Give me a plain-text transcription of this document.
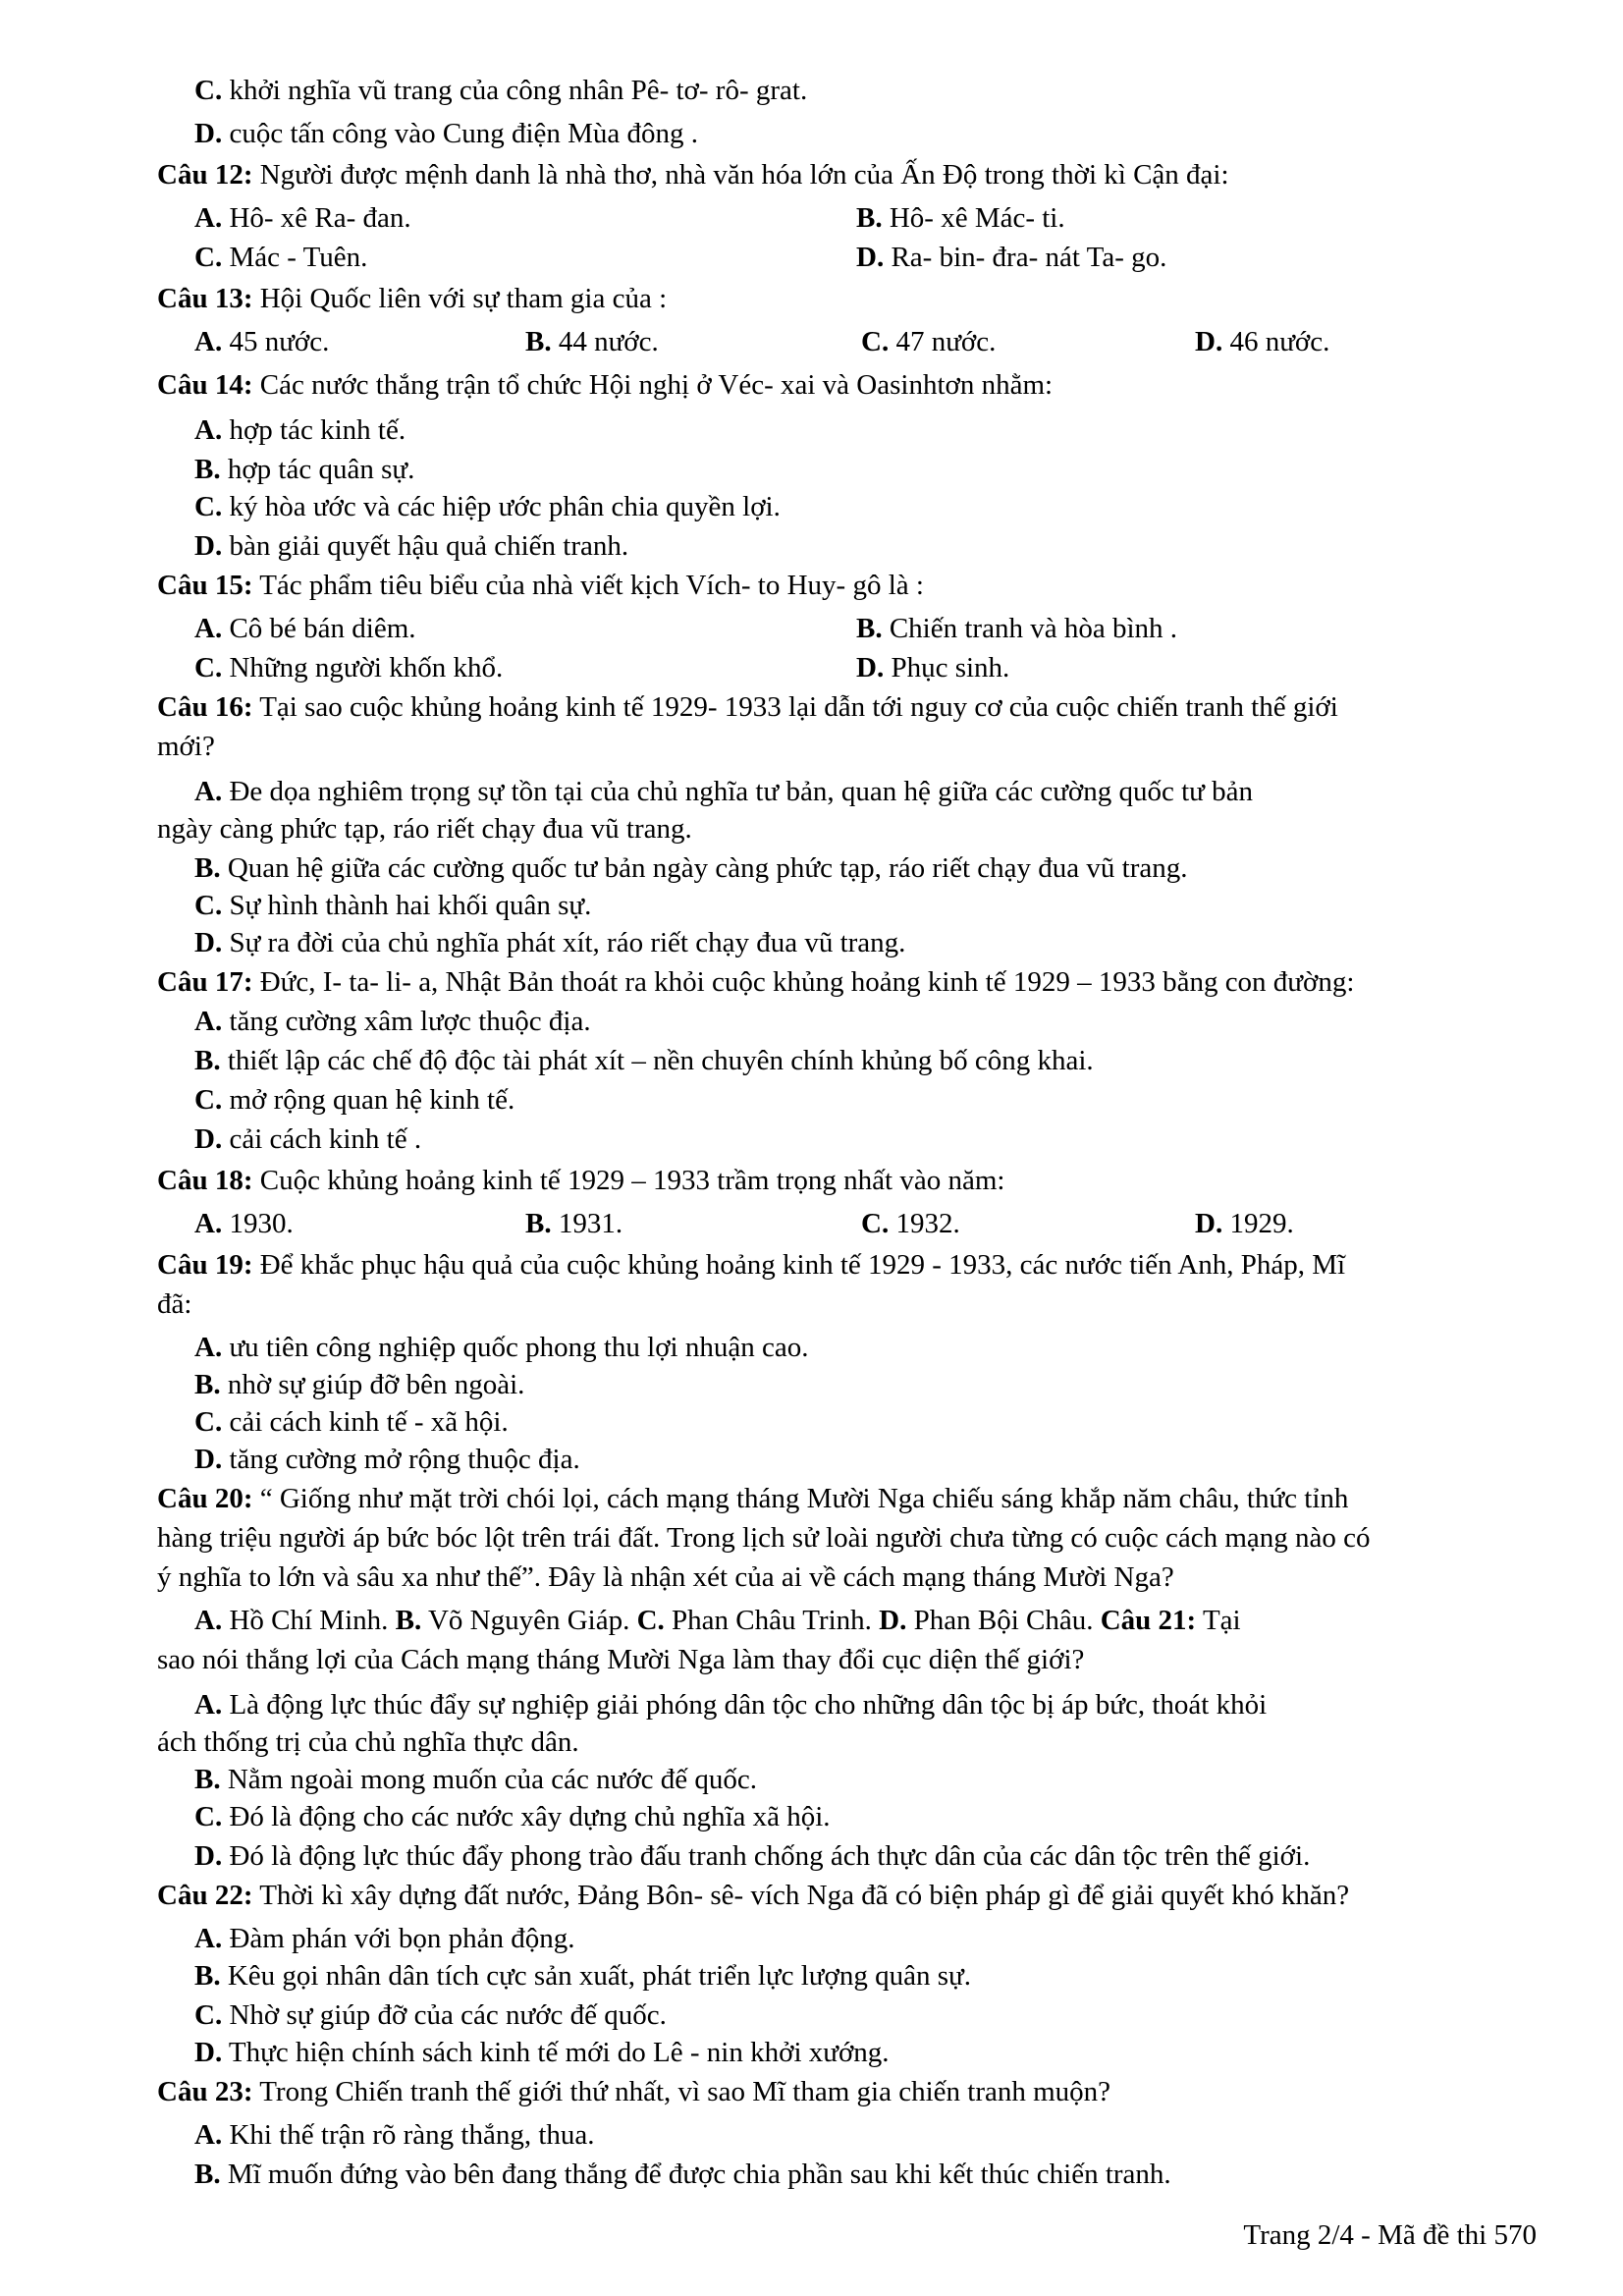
C. khởi nghĩa vũ trang của công nhân Pê- tơ- rô- grat.
D. cuộc tấn công vào Cung điện Mùa đông .
Câu 12: Người được mệnh danh là nhà thơ, nhà văn hóa lớn của Ấn Độ trong thời kì Cận đại:
A. Hô- xê Ra- đan.	B. Hô- xê Mác- ti.
C. Mác - Tuên.	D. Ra- bin- đra- nát Ta- go.
Câu 13: Hội Quốc liên với sự tham gia của :
A. 45 nước.	B. 44 nước.	C. 47 nước.	D. 46 nước.
Câu 14: Các nước thắng trận tổ chức Hội nghị ở Véc- xai và Oasinhtơn nhằm:
A. hợp tác kinh tế.
B. hợp tác quân sự.
C. ký hòa ước và các hiệp ước phân chia quyền lợi.
D. bàn giải quyết hậu quả chiến tranh.
Câu 15: Tác phẩm tiêu biểu của nhà viết kịch Vích- to Huy- gô là :
A. Cô bé bán diêm.	B. Chiến tranh và hòa bình .
C. Những người khốn khổ.	D. Phục sinh.
Câu 16: Tại sao cuộc khủng hoảng kinh tế 1929- 1933 lại dẫn tới nguy cơ của cuộc chiến tranh thế giới
mới?
A. Đe dọa nghiêm trọng sự tồn tại của chủ nghĩa tư bản, quan hệ giữa các cường quốc tư bản
ngày càng phức tạp, ráo riết chạy đua vũ trang.
B. Quan hệ giữa các cường quốc tư bản ngày càng phức tạp, ráo riết chạy đua vũ trang.
C. Sự hình thành hai khối quân sự.
D. Sự ra đời của chủ nghĩa phát xít, ráo riết chạy đua vũ trang.
Câu 17: Đức, I- ta- li- a, Nhật Bản thoát ra khỏi cuộc khủng hoảng kinh tế 1929 – 1933 bằng con đường:
A. tăng cường xâm lược thuộc địa.
B. thiết lập các chế độ độc tài phát xít – nền chuyên chính khủng bố công khai.
C. mở rộng quan hệ kinh tế.
D. cải cách kinh tế .
Câu 18: Cuộc khủng hoảng kinh tế 1929 – 1933 trầm trọng nhất vào năm:
A. 1930.	B. 1931.	C. 1932.	D. 1929.
Câu 19: Để khắc phục hậu quả của cuộc khủng hoảng kinh tế 1929 - 1933, các nước tiến Anh, Pháp, Mĩ
đã:
A. ưu tiên công nghiệp quốc phong thu lợi nhuận cao.
B. nhờ sự giúp đỡ bên ngoài.
C. cải cách kinh tế - xã hội.
D. tăng cường mở rộng thuộc địa.
Câu 20: “ Giống như mặt trời chói lọi, cách mạng tháng Mười Nga chiếu sáng khắp năm châu, thức tỉnh
hàng triệu người áp bức bóc lột trên trái đất. Trong lịch sử loài người chưa từng có cuộc cách mạng nào có
ý nghĩa to lớn và sâu xa như thế”. Đây là nhận xét của ai về cách mạng tháng Mười Nga?
A. Hồ Chí Minh. B. Võ Nguyên Giáp. C. Phan Châu Trinh. D. Phan Bội Châu. Câu 21: Tại
sao nói thắng lợi của Cách mạng tháng Mười Nga làm thay đổi cục diện thế giới?
A. Là động lực thúc đẩy sự nghiệp giải phóng dân tộc cho những dân tộc bị áp bức, thoát khỏi
ách thống trị của chủ nghĩa thực dân.
B. Nằm ngoài mong muốn của các nước đế quốc.
C. Đó là động cho các nước xây dựng chủ nghĩa xã hội.
D. Đó là động lực thúc đẩy phong trào đấu tranh chống ách thực dân của các dân tộc trên thế giới.
Câu 22: Thời kì xây dựng đất nước, Đảng Bôn- sê- vích Nga đã có biện pháp gì để giải quyết khó khăn?
A. Đàm phán với bọn phản động.
B. Kêu gọi nhân dân tích cực sản xuất, phát triển lực lượng quân sự.
C. Nhờ sự giúp đỡ của các nước đế quốc.
D. Thực hiện chính sách kinh tế mới do Lê - nin khởi xướng.
Câu 23: Trong Chiến tranh thế giới thứ nhất, vì sao Mĩ tham gia chiến tranh muộn?
A. Khi thế trận rõ ràng thắng, thua.
B. Mĩ muốn đứng vào bên đang thắng để được chia phần sau khi kết thúc chiến tranh.
Trang 2/4 - Mã đề thi 570
